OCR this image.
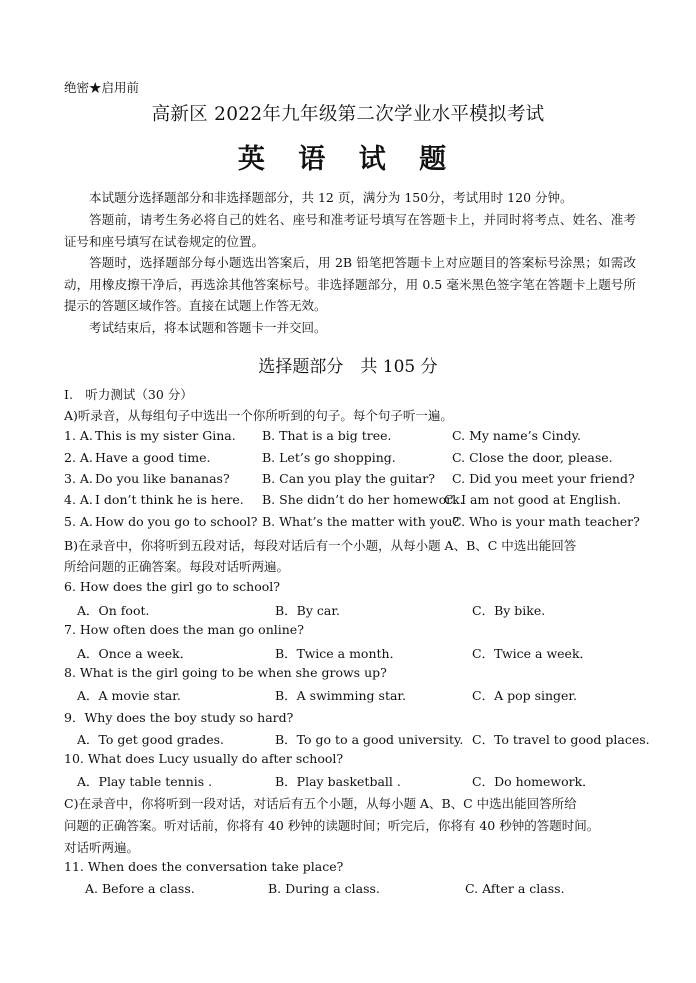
绝密★启用前
高新区 2022年九年级第二次学业水平模拟考试
英 语 试 题
本试题分选择题部分和非选择题部分，共 12 页，满分为 150分，考试用时 120 分钟。
答题前，请考生务必将自己的姓名、座号和准考证号填写在答题卡上，并同时将考点、姓名、准考证号和座号填写在试卷规定的位置。
答题时，选择题部分每小题选出答案后，用 2B 铅笔把答题卡上对应题目的答案标号涂黑；如需改动，用橡皮擦干净后，再选涂其他答案标号。非选择题部分，用 0.5 毫米黑色签字笔在答题卡上题号所提示的答题区域作答。直接在试题上作答无效。
考试结束后，将本试题和答题卡一并交回。
选择题部分　共 105 分
I.　听力测试（30 分）
A)听录音，从每组句子中选出一个你所听到的句子。每个句子听一遍。
1. A. This is my sister Gina. B. That is a big tree.	C. My name’s Cindy.
2. A. Have a good time.	B. Let’s go shopping.	C. Close the door, please.
3. A. Do you like bananas?	B. Can you play the guitar? C. Did you meet your friend?
4. A. I don’t think he is here. B. She didn’t do her homework.
C. I am not good at English.
5. A. How do you go to school? B. What’s the matter with you?
C. Who is your math teacher?
B)在录音中，你将听到五段对话，每段对话后有一个小题，从每小题 A、B、C 中选出能回答
所给问题的正确答案。每段对话听两遍。
6. How does the girl go to school?
A．On foot.	B．By car.	C．By bike.
7. How often does the man go online?
A．Once a week．	B．Twice a month．	C．Twice a week．
8. What is the girl going to be when she grows up?
A．A movie star.	B．A swimming star.	C．A pop singer.
9．Why does the boy study so hard?
A．To get good grades.	B．To go to a good university. C．To travel to good places.
10. What does Lucy usually do after school?
A．Play table tennis .	B．Play basketball .	C．Do homework．
C)在录音中，你将听到一段对话，对话后有五个小题，从每小题 A、B、C 中选出能回答所给
问题的正确答案。听对话前，你将有 40 秒钟的读题时间；听完后，你将有 40 秒钟的答题时间。
对话听两遍。
11. When does the conversation take place?
A. Before a class.	B. During a class.	C. After a class.
